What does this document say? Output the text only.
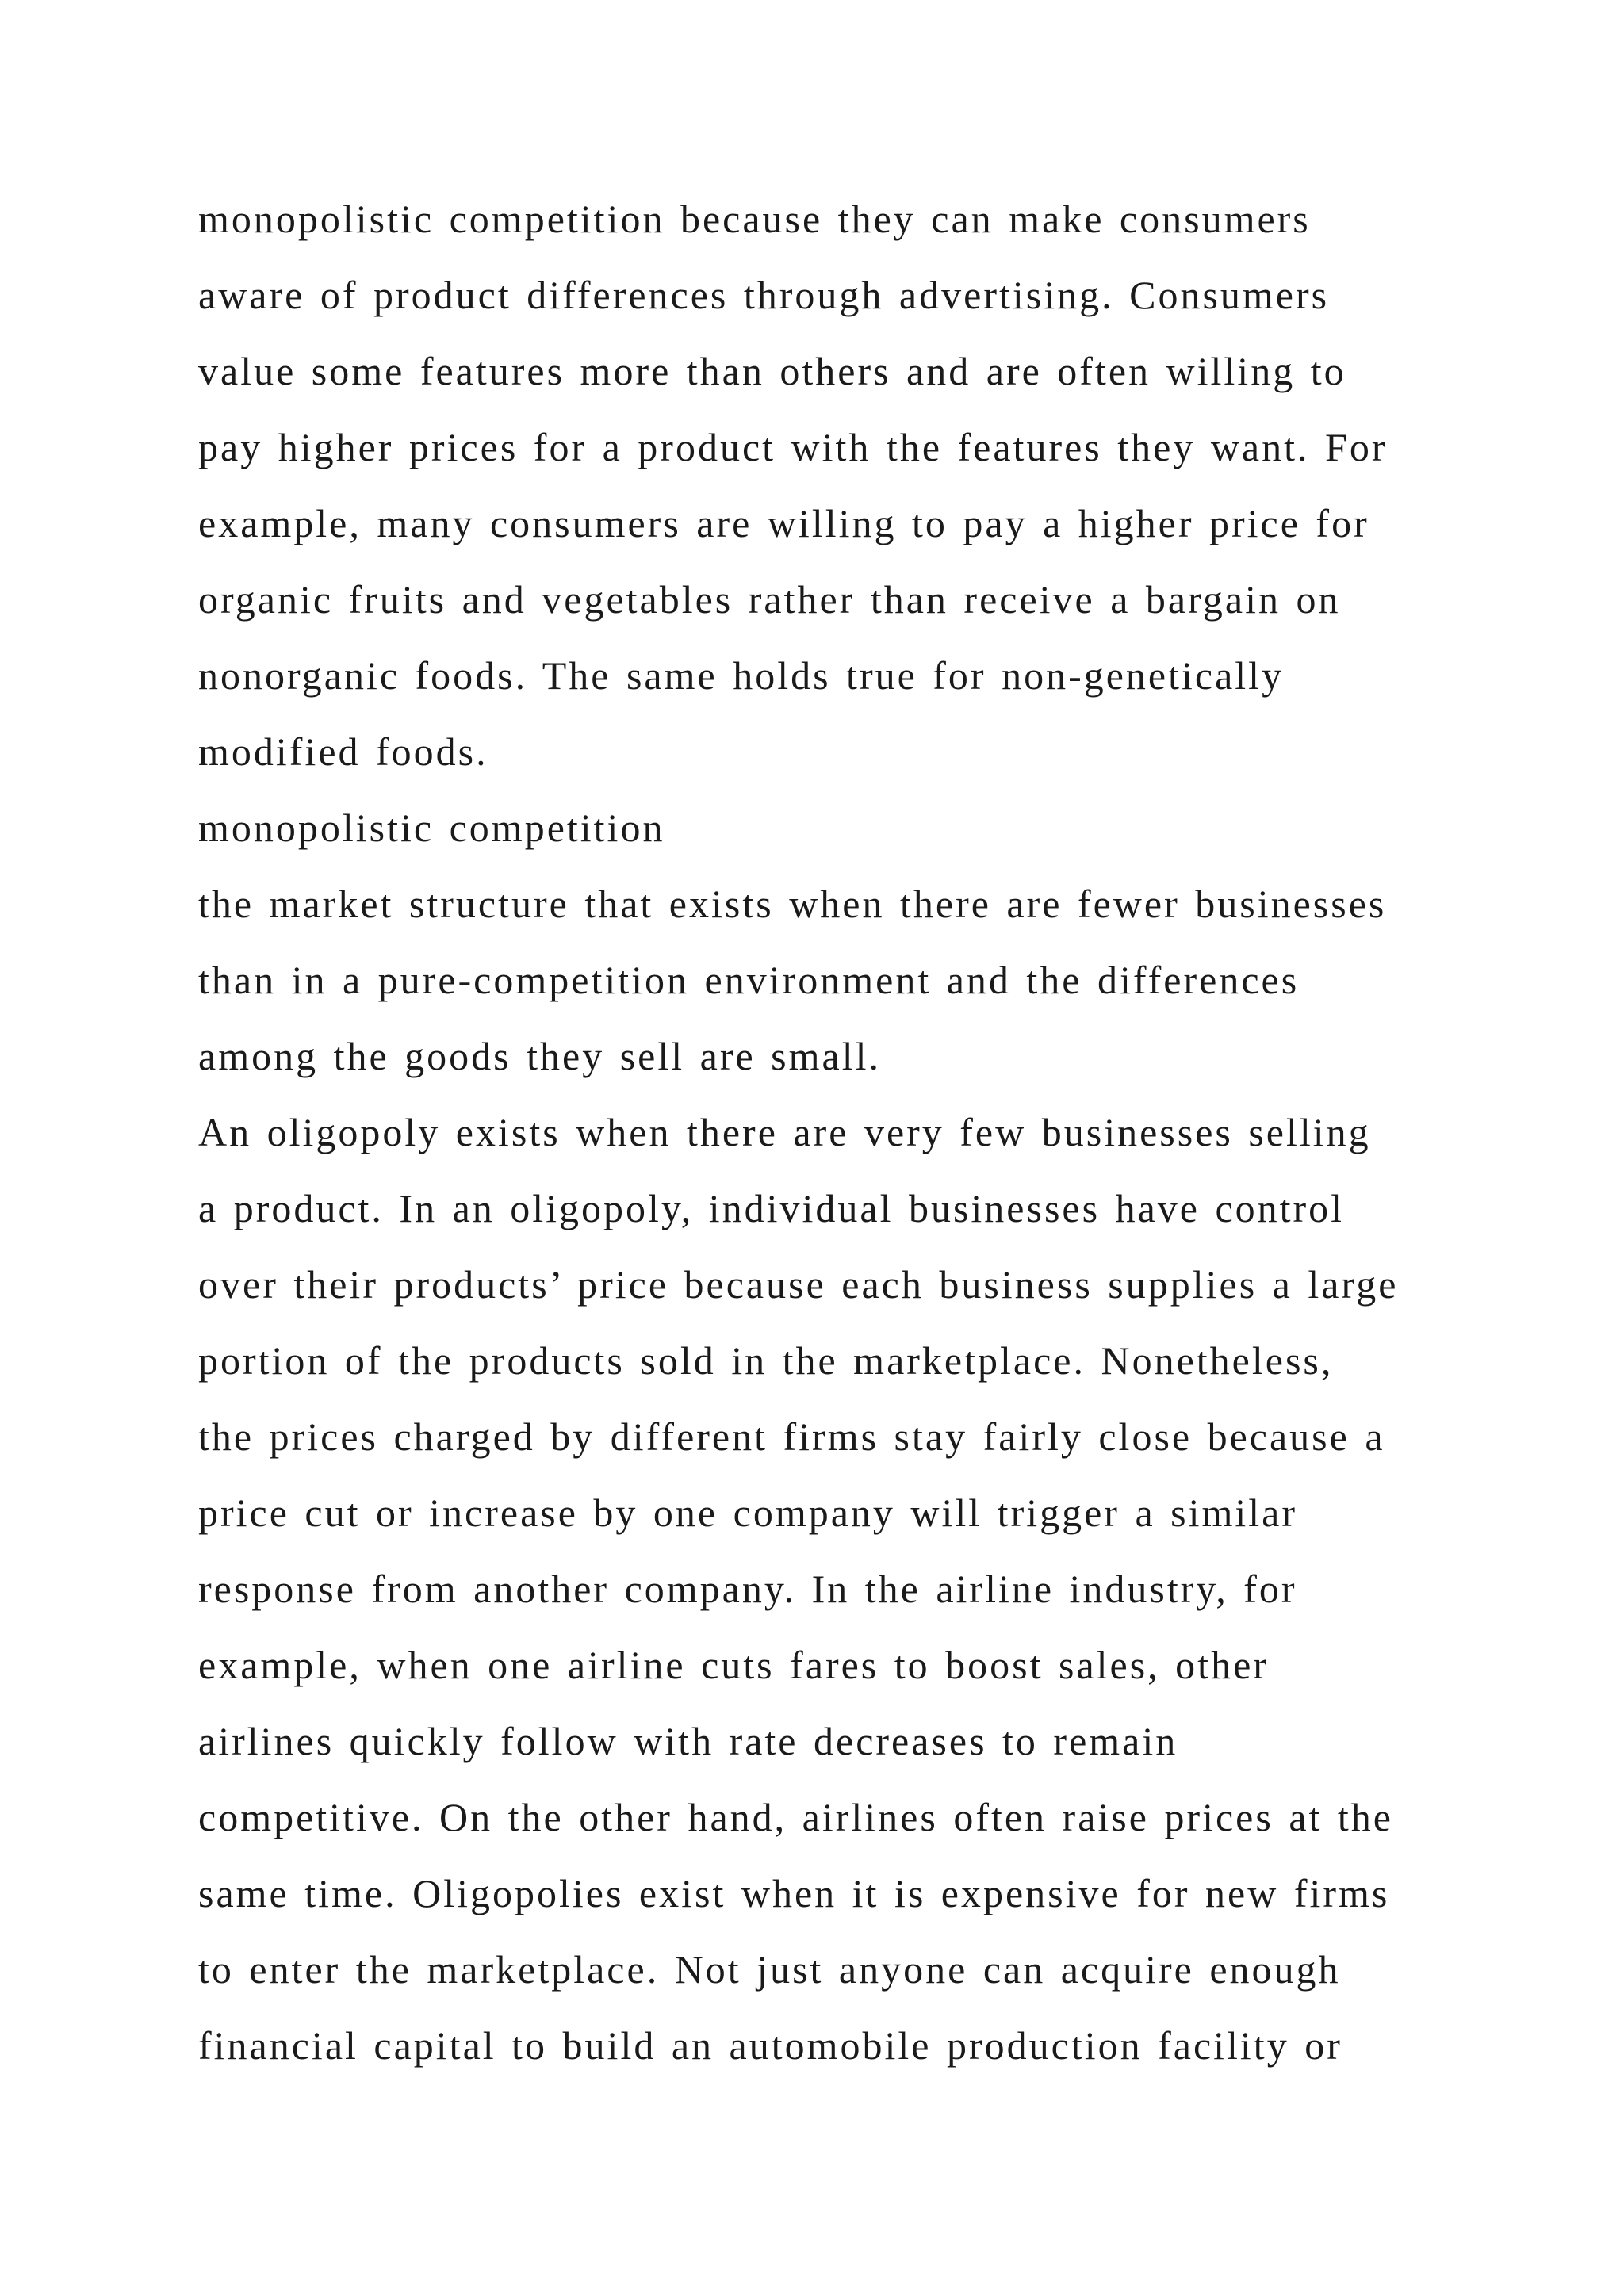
monopolistic competition because they can make consumers
aware of product differences through advertising. Consumers
value some features more than others and are often willing to
pay higher prices for a product with the features they want. For
example, many consumers are willing to pay a higher price for
organic fruits and vegetables rather than receive a bargain on
nonorganic foods. The same holds true for non-genetically
modified foods.
monopolistic competition
the market structure that exists when there are fewer businesses
than in a pure-competition environment and the differences
among the goods they sell are small.
An oligopoly exists when there are very few businesses selling
a product. In an oligopoly, individual businesses have control
over their products’ price because each business supplies a large
portion of the products sold in the marketplace. Nonetheless,
the prices charged by different firms stay fairly close because a
price cut or increase by one company will trigger a similar
response from another company. In the airline industry, for
example, when one airline cuts fares to boost sales, other
airlines quickly follow with rate decreases to remain
competitive. On the other hand, airlines often raise prices at the
same time. Oligopolies exist when it is expensive for new firms
to enter the marketplace. Not just anyone can acquire enough
financial capital to build an automobile production facility or
